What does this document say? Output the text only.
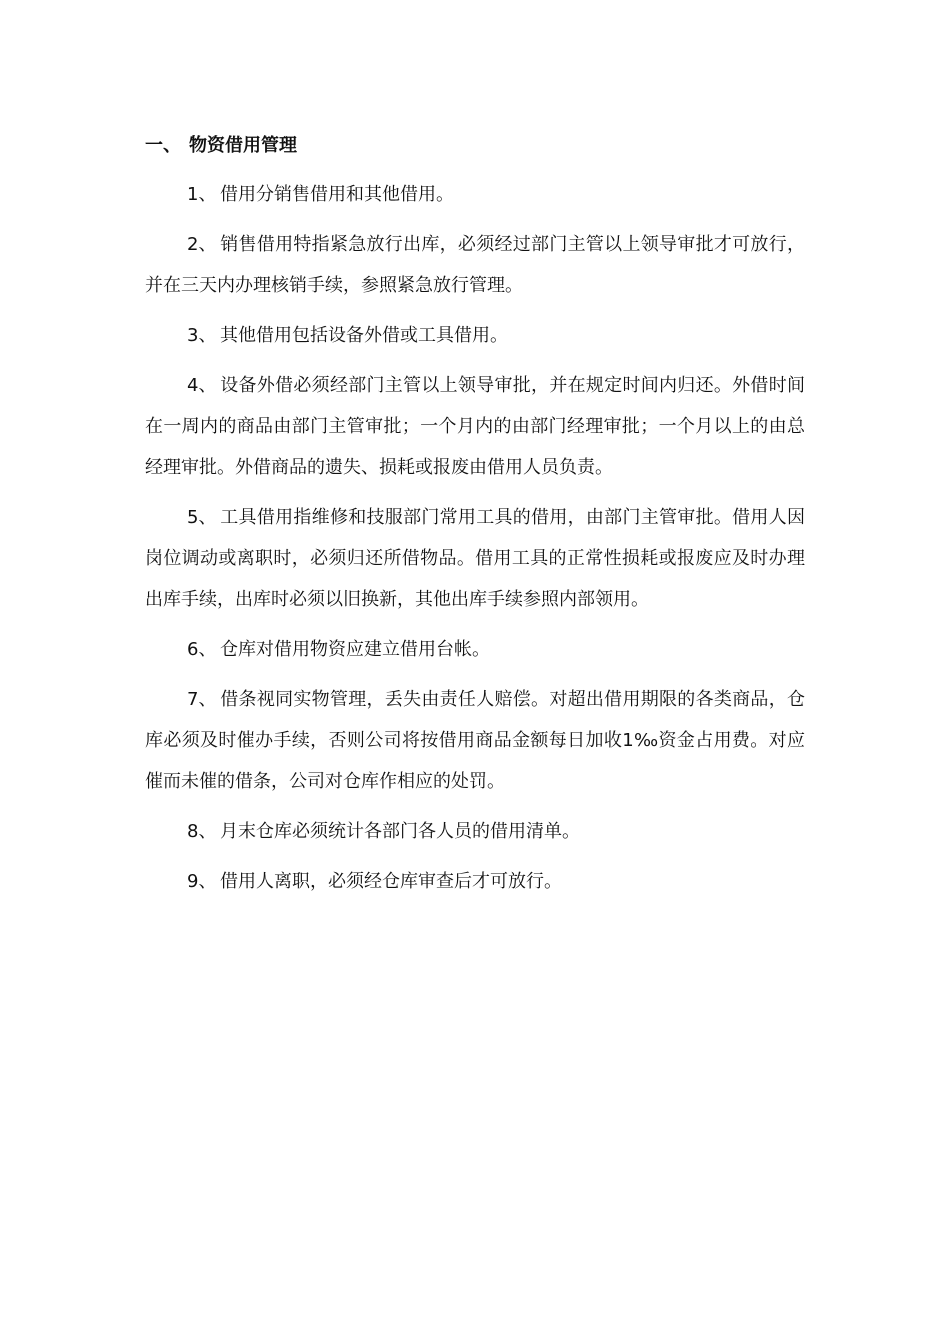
一、 物资借用管理

1、 借用分销售借用和其他借用。

2、 销售借用特指紧急放行出库，必须经过部门主管以上领导审批才可放行，并在三天内办理核销手续，参照紧急放行管理。

3、 其他借用包括设备外借或工具借用。

4、 设备外借必须经部门主管以上领导审批，并在规定时间内归还。外借时间在一周内的商品由部门主管审批；一个月内的由部门经理审批；一个月以上的由总经理审批。外借商品的遗失、损耗或报废由借用人员负责。

5、 工具借用指维修和技服部门常用工具的借用，由部门主管审批。借用人因岗位调动或离职时，必须归还所借物品。借用工具的正常性损耗或报废应及时办理出库手续，出库时必须以旧换新，其他出库手续参照内部领用。

6、 仓库对借用物资应建立借用台帐。

7、 借条视同实物管理，丢失由责任人赔偿。对超出借用期限的各类商品，仓库必须及时催办手续，否则公司将按借用商品金额每日加收1‰资金占用费。对应催而未催的借条，公司对仓库作相应的处罚。

8、 月末仓库必须统计各部门各人员的借用清单。

9、 借用人离职，必须经仓库审查后才可放行。
